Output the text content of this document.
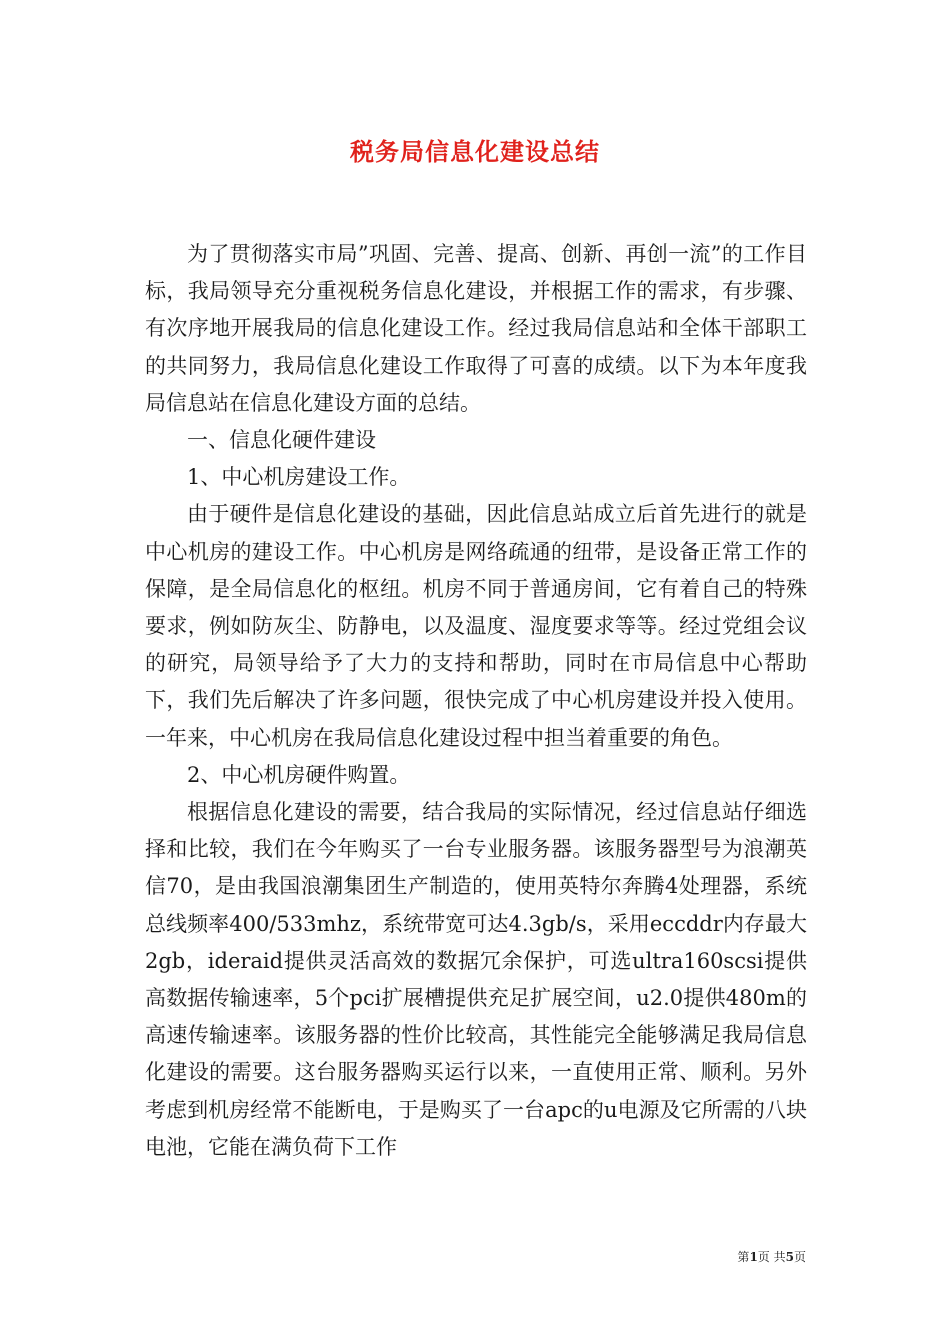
税务局信息化建设总结

为了贯彻落实市局”巩固、完善、提高、创新、再创一流”的工作目标，我局领导充分重视税务信息化建设，并根据工作的需求，有步骤、有次序地开展我局的信息化建设工作。经过我局信息站和全体干部职工的共同努力，我局信息化建设工作取得了可喜的成绩。以下为本年度我局信息站在信息化建设方面的总结。

一、信息化硬件建设

1、中心机房建设工作。

由于硬件是信息化建设的基础，因此信息站成立后首先进行的就是中心机房的建设工作。中心机房是网络疏通的纽带，是设备正常工作的保障，是全局信息化的枢纽。机房不同于普通房间，它有着自己的特殊要求，例如防灰尘、防静电，以及温度、湿度要求等等。经过党组会议的研究，局领导给予了大力的支持和帮助，同时在市局信息中心帮助下，我们先后解决了许多问题，很快完成了中心机房建设并投入使用。一年来，中心机房在我局信息化建设过程中担当着重要的角色。

2、中心机房硬件购置。

根据信息化建设的需要，结合我局的实际情况，经过信息站仔细选择和比较，我们在今年购买了一台专业服务器。该服务器型号为浪潮英信70，是由我国浪潮集团生产制造的，使用英特尔奔腾4处理器，系统总线频率400/533mhz，系统带宽可达4.3gb/s，采用eccddr内存最大2gb，ideraid提供灵活高效的数据冗余保护，可选ultra160scsi提供高数据传输速率，5个pci扩展槽提供充足扩展空间，u2.0提供480m的高速传输速率。该服务器的性价比较高，其性能完全能够满足我局信息化建设的需要。这台服务器购买运行以来，一直使用正常、顺利。另外考虑到机房经常不能断电，于是购买了一台apc的u电源及它所需的八块电池，它能在满负荷下工作

第1页 共5页
